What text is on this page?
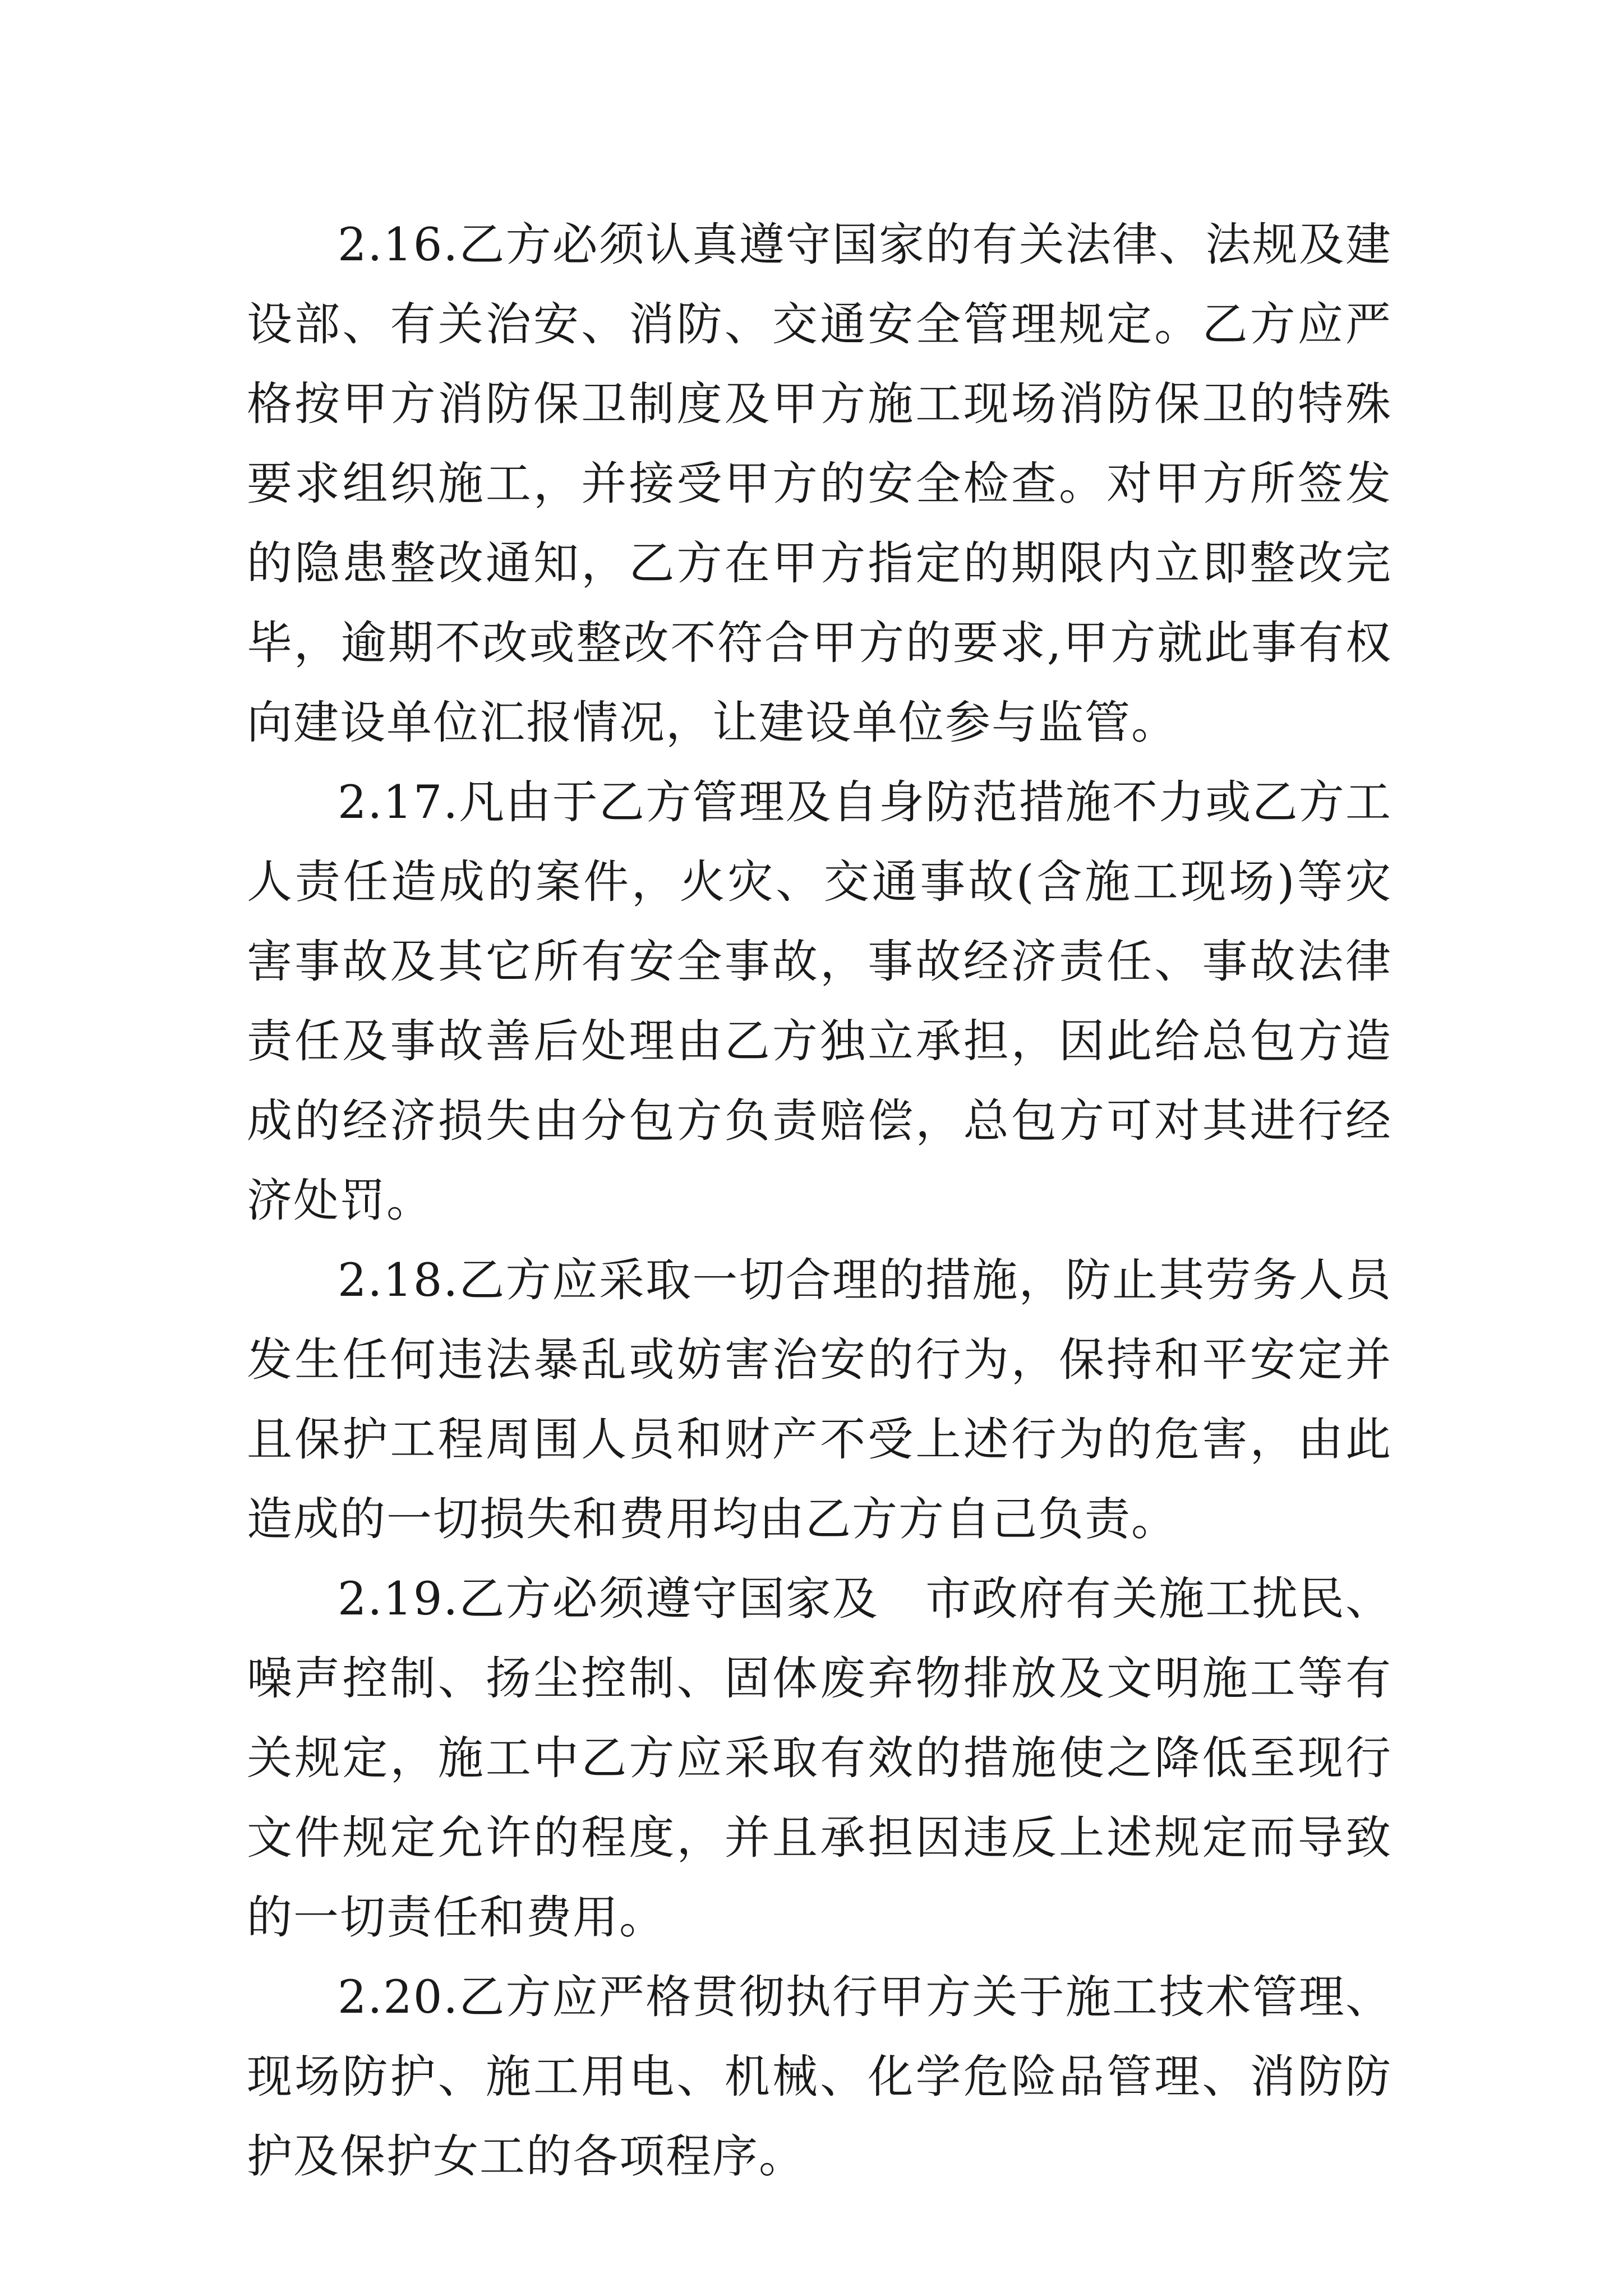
2.16.乙方必须认真遵守国家的有关法律、法规及建设部、有关治安、消防、交通安全管理规定。乙方应严格按甲方消防保卫制度及甲方施工现场消防保卫的特殊要求组织施工，并接受甲方的安全检查。对甲方所签发的隐患整改通知，乙方在甲方指定的期限内立即整改完毕，逾期不改或整改不符合甲方的要求,甲方就此事有权向建设单位汇报情况，让建设单位参与监管。

2.17.凡由于乙方管理及自身防范措施不力或乙方工人责任造成的案件，火灾、交通事故(含施工现场)等灾害事故及其它所有安全事故，事故经济责任、事故法律责任及事故善后处理由乙方独立承担，因此给总包方造成的经济损失由分包方负责赔偿，总包方可对其进行经济处罚。

2.18.乙方应采取一切合理的措施，防止其劳务人员发生任何违法暴乱或妨害治安的行为，保持和平安定并且保护工程周围人员和财产不受上述行为的危害，由此造成的一切损失和费用均由乙方方自己负责。

2.19.乙方必须遵守国家及　市政府有关施工扰民、噪声控制、扬尘控制、固体废弃物排放及文明施工等有关规定，施工中乙方应采取有效的措施使之降低至现行文件规定允许的程度，并且承担因违反上述规定而导致的一切责任和费用。

2.20.乙方应严格贯彻执行甲方关于施工技术管理、现场防护、施工用电、机械、化学危险品管理、消防防护及保护女工的各项程序。
